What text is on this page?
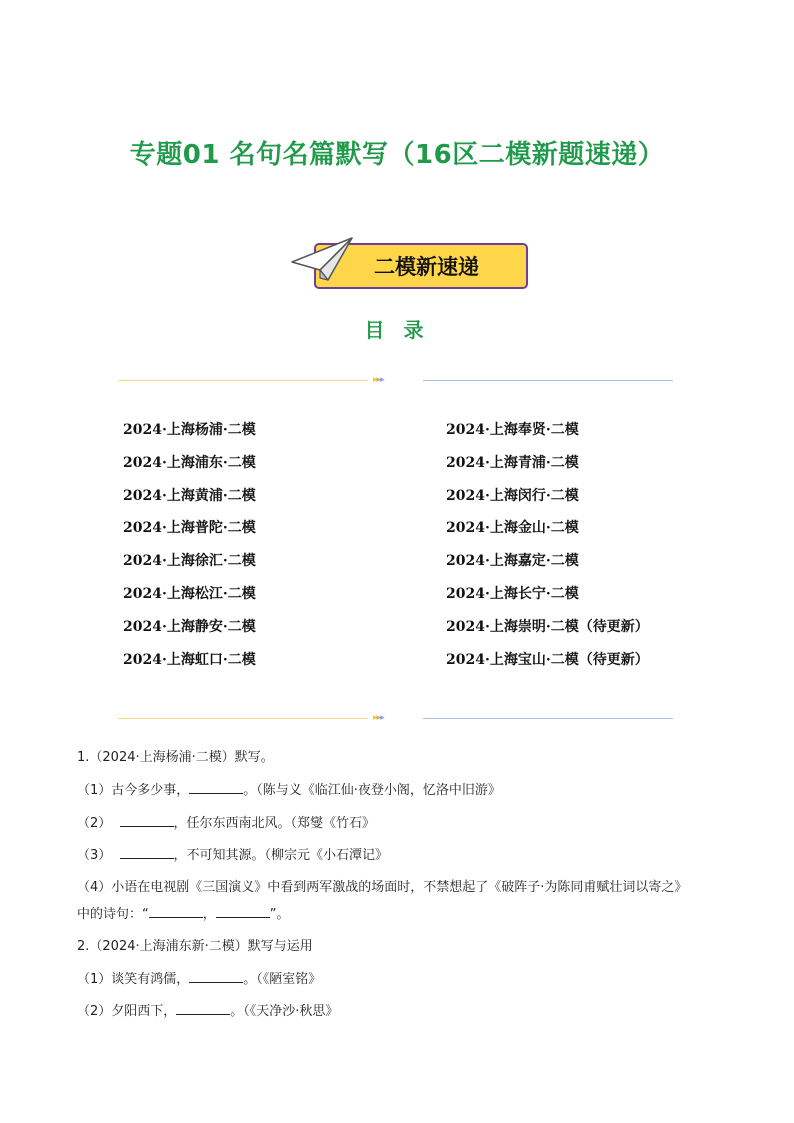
专题01 名句名篇默写（16区二模新题速递）
二模新速递
目 录
▸▸▸
2024·上海杨浦·二模
2024·上海浦东·二模
2024·上海黄浦·二模
2024·上海普陀·二模
2024·上海徐汇·二模
2024·上海松江·二模
2024·上海静安·二模
2024·上海虹口·二模
2024·上海奉贤·二模
2024·上海青浦·二模
2024·上海闵行·二模
2024·上海金山·二模
2024·上海嘉定·二模
2024·上海长宁·二模
2024·上海崇明·二模（待更新）
2024·上海宝山·二模（待更新）
▸▸▸
1.（2024·上海杨浦·二模）默写。
（1）古今多少事，	。（陈与义《临江仙·夜登小阁，忆洛中旧游》
（2）	，任尔东西南北风。（郑燮《竹石》
（3）	，不可知其源。（柳宗元《小石潭记》
（4）小语在电视剧《三国演义》中看到两军激战的场面时，不禁想起了《破阵子·为陈同甫赋壮词以寄之》
中的诗句：“	，	”。
2.（2024·上海浦东新·二模）默写与运用
（1）谈笑有鸿儒，	。（《陋室铭》
（2）夕阳西下，	。（《天净沙·秋思》
